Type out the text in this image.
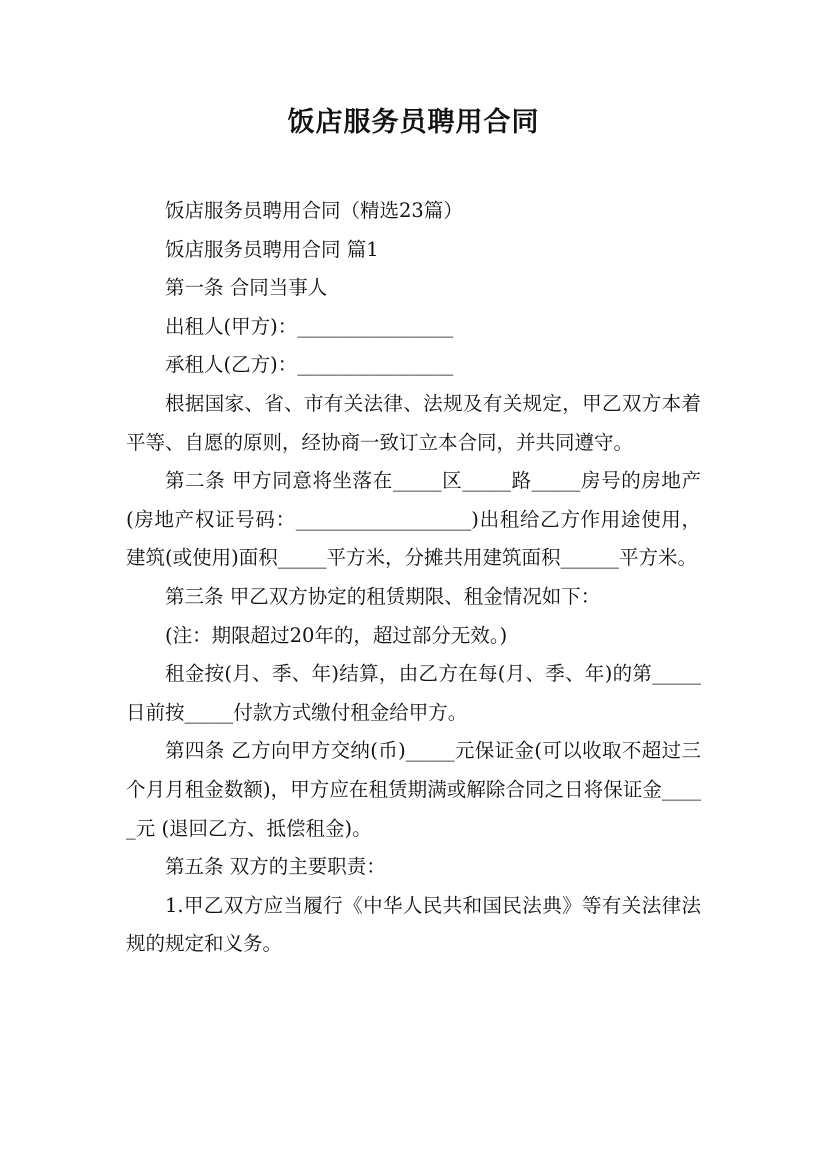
饭店服务员聘用合同

饭店服务员聘用合同（精选23篇）

饭店服务员聘用合同 篇1

第一条 合同当事人

出租人(甲方)：________________

承租人(乙方)：________________

根据国家、省、市有关法律、法规及有关规定，甲乙双方本着平等、自愿的原则，经协商一致订立本合同，并共同遵守。

第二条 甲方同意将坐落在_____区_____路_____房号的房地产(房地产权证号码：__________________)出租给乙方作用途使用，建筑(或使用)面积_____平方米，分摊共用建筑面积______平方米。

第三条 甲乙双方协定的租赁期限、租金情况如下：

(注：期限超过20年的，超过部分无效。)

租金按(月、季、年)结算，由乙方在每(月、季、年)的第_____日前按_____付款方式缴付租金给甲方。

第四条 乙方向甲方交纳(币)_____元保证金(可以收取不超过三个月月租金数额)，甲方应在租赁期满或解除合同之日将保证金_____元 (退回乙方、抵偿租金)。

第五条 双方的主要职责：

1.甲乙双方应当履行《中华人民共和国民法典》等有关法律法规的规定和义务。
